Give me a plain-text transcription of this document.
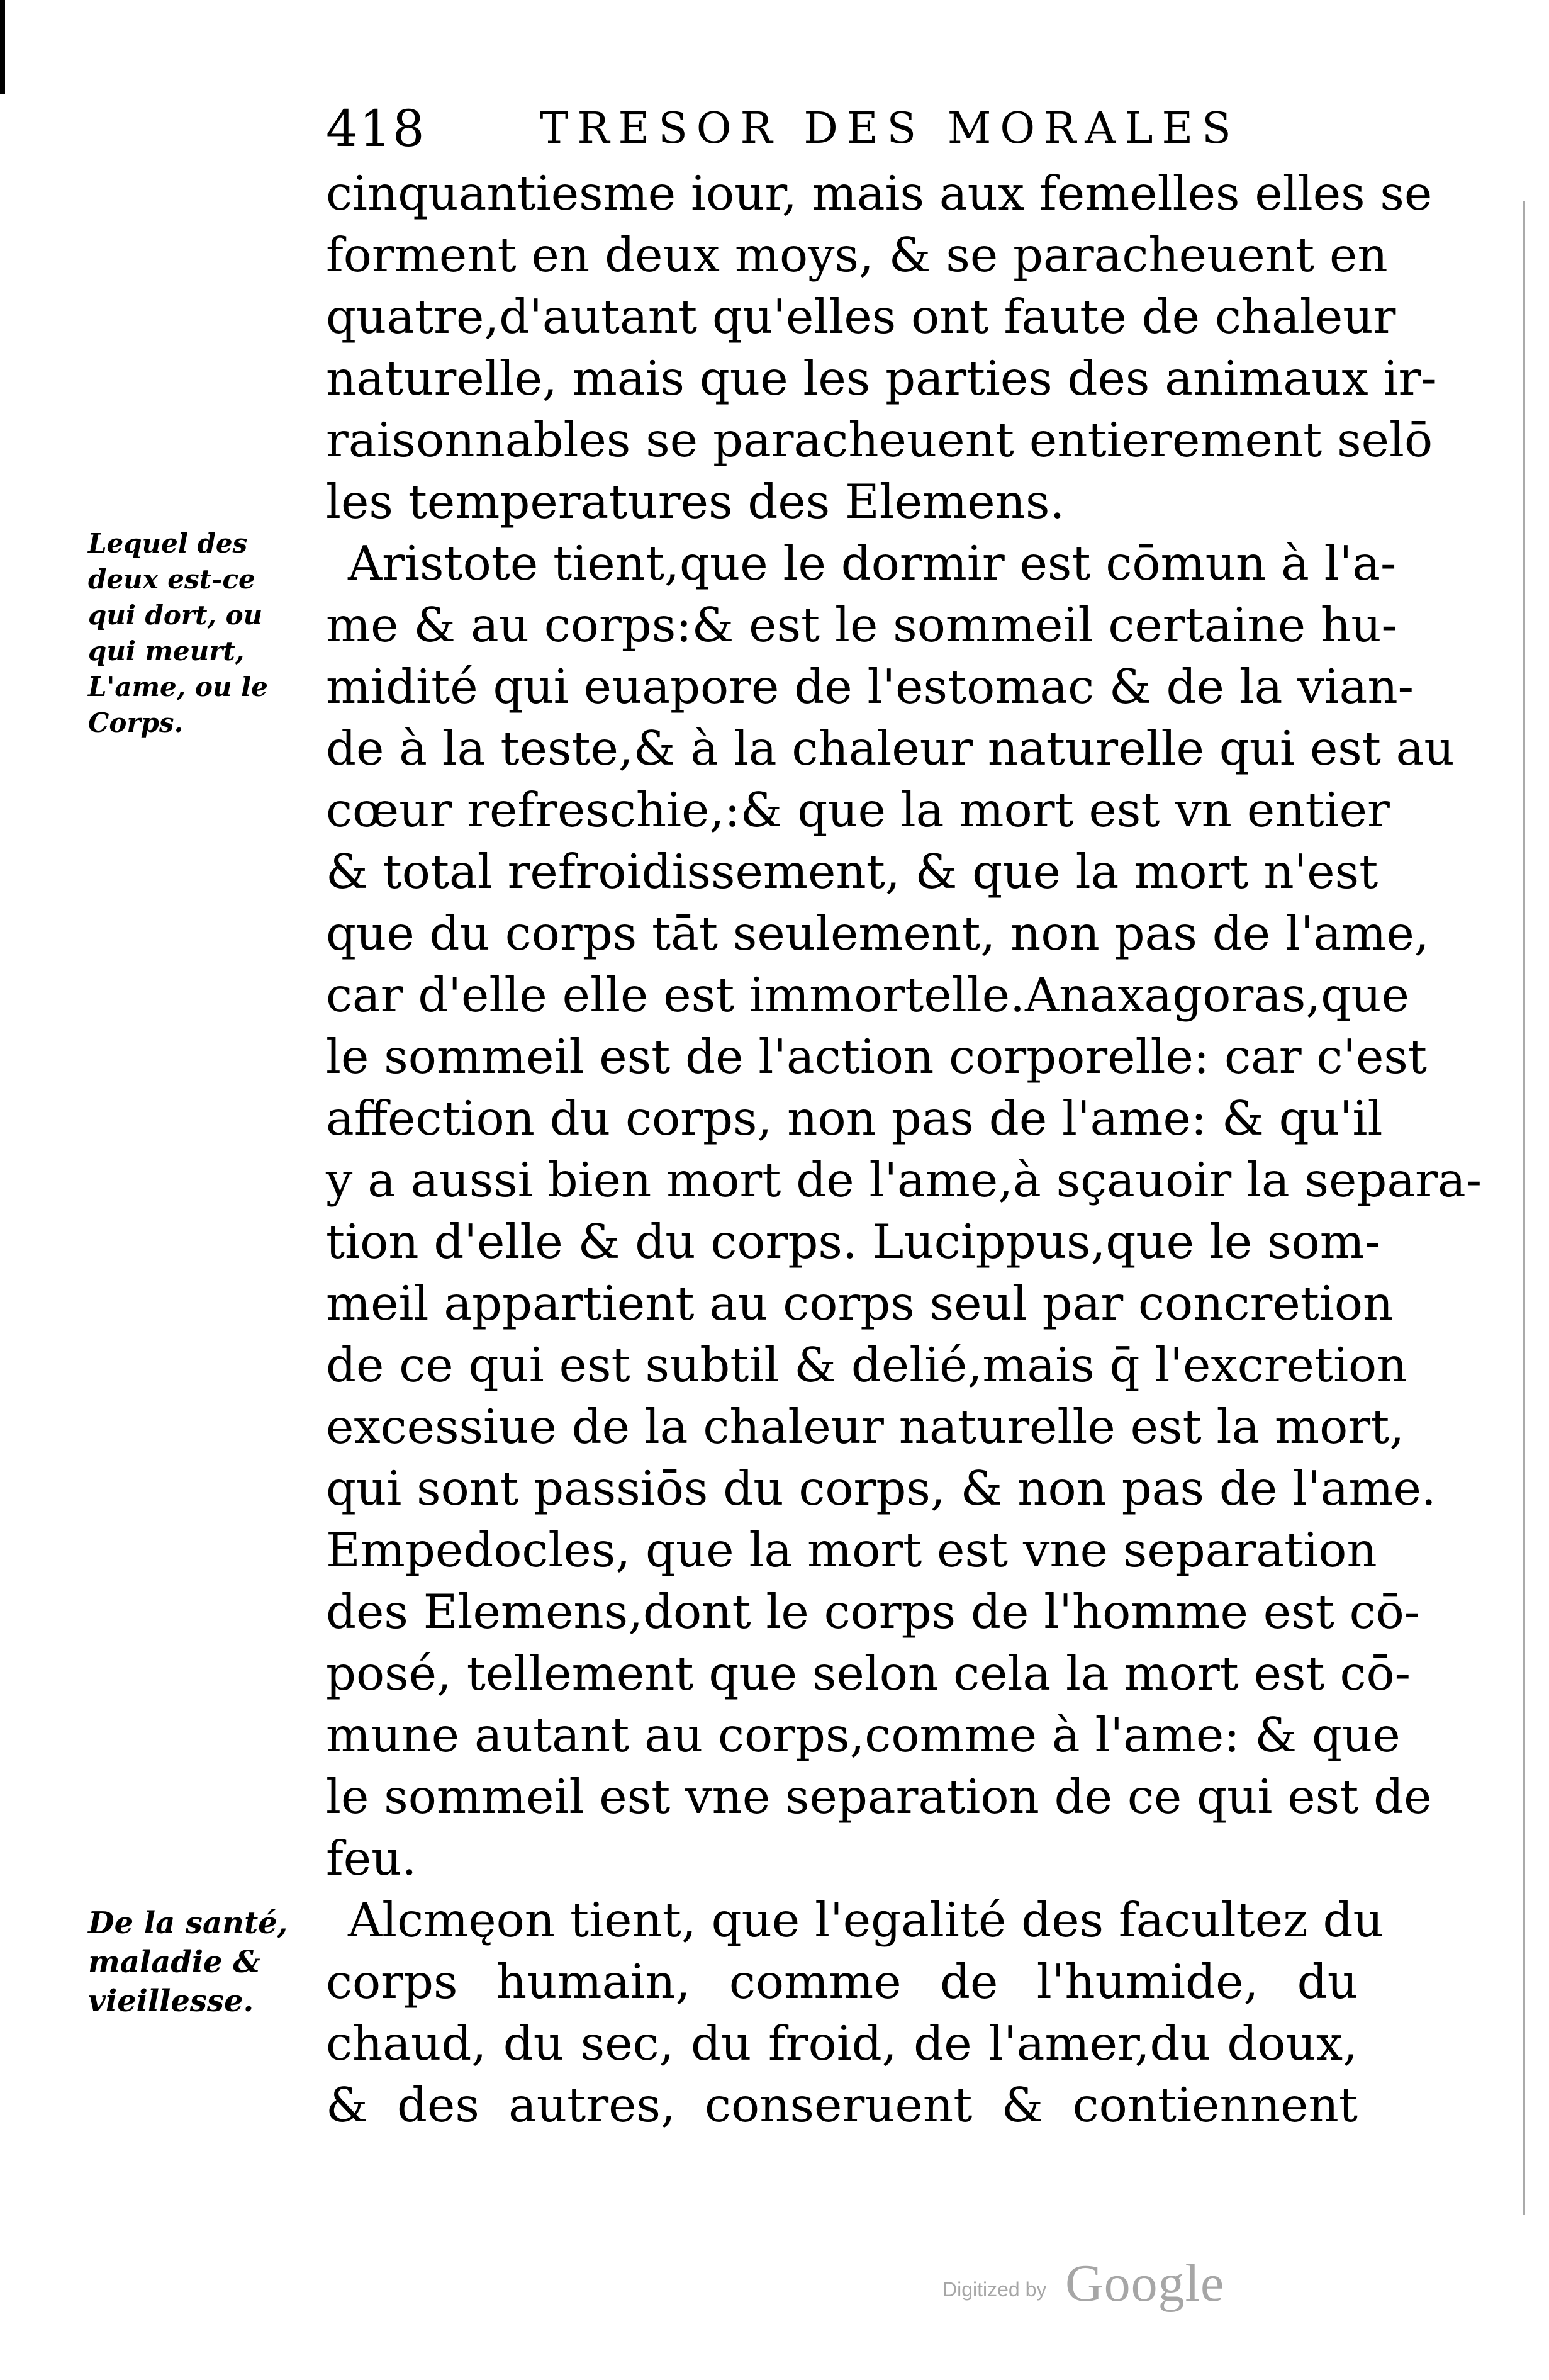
418	TRESOR DES MORALES
cinquantiesme iour, mais aux femelles elles se
forment en deux moys, & se paracheuent en
quatre,d'autant qu'elles ont faute de chaleur
naturelle, mais que les parties des animaux ir-
raisonnables se paracheuent entierement selō
les temperatures des Elemens.
Aristote tient,que le dormir est cōmun à l'a-
me & au corps:& est le sommeil certaine hu-
midité qui euapore de l'estomac & de la vian-
de à la teste,& à la chaleur naturelle qui est au
cœur refreschie,:& que la mort est vn entier
& total refroidissement, & que la mort n'est
que du corps tāt seulement, non pas de l'ame,
car d'elle elle est immortelle.Anaxagoras,que
le sommeil est de l'action corporelle: car c'est
affection du corps, non pas de l'ame: & qu'il
y a aussi bien mort de l'ame,à sçauoir la separa-
tion d'elle & du corps. Lucippus,que le som-
meil appartient au corps seul par concretion
de ce qui est subtil & delié,mais q̄ l'excretion
excessiue de la chaleur naturelle est la mort,
qui sont passiōs du corps, & non pas de l'ame.
Empedocles, que la mort est vne separation
des Elemens,dont le corps de l'homme est cō-
posé, tellement que selon cela la mort est cō-
mune autant au corps,comme à l'ame: & que
le sommeil est vne separation de ce qui est de
feu.
Alcmęon tient, que l'egalité des facultez du
corps humain, comme de l'humide, du
chaud, du sec, du froid, de l'amer,du doux,
& des autres, conseruent & contiennent
Lequel des
deux est-ce
qui dort, ou
qui meurt,
L'ame, ou le
Corps.
De la santé,
maladie &
vieillesse.
Digitized by Google
